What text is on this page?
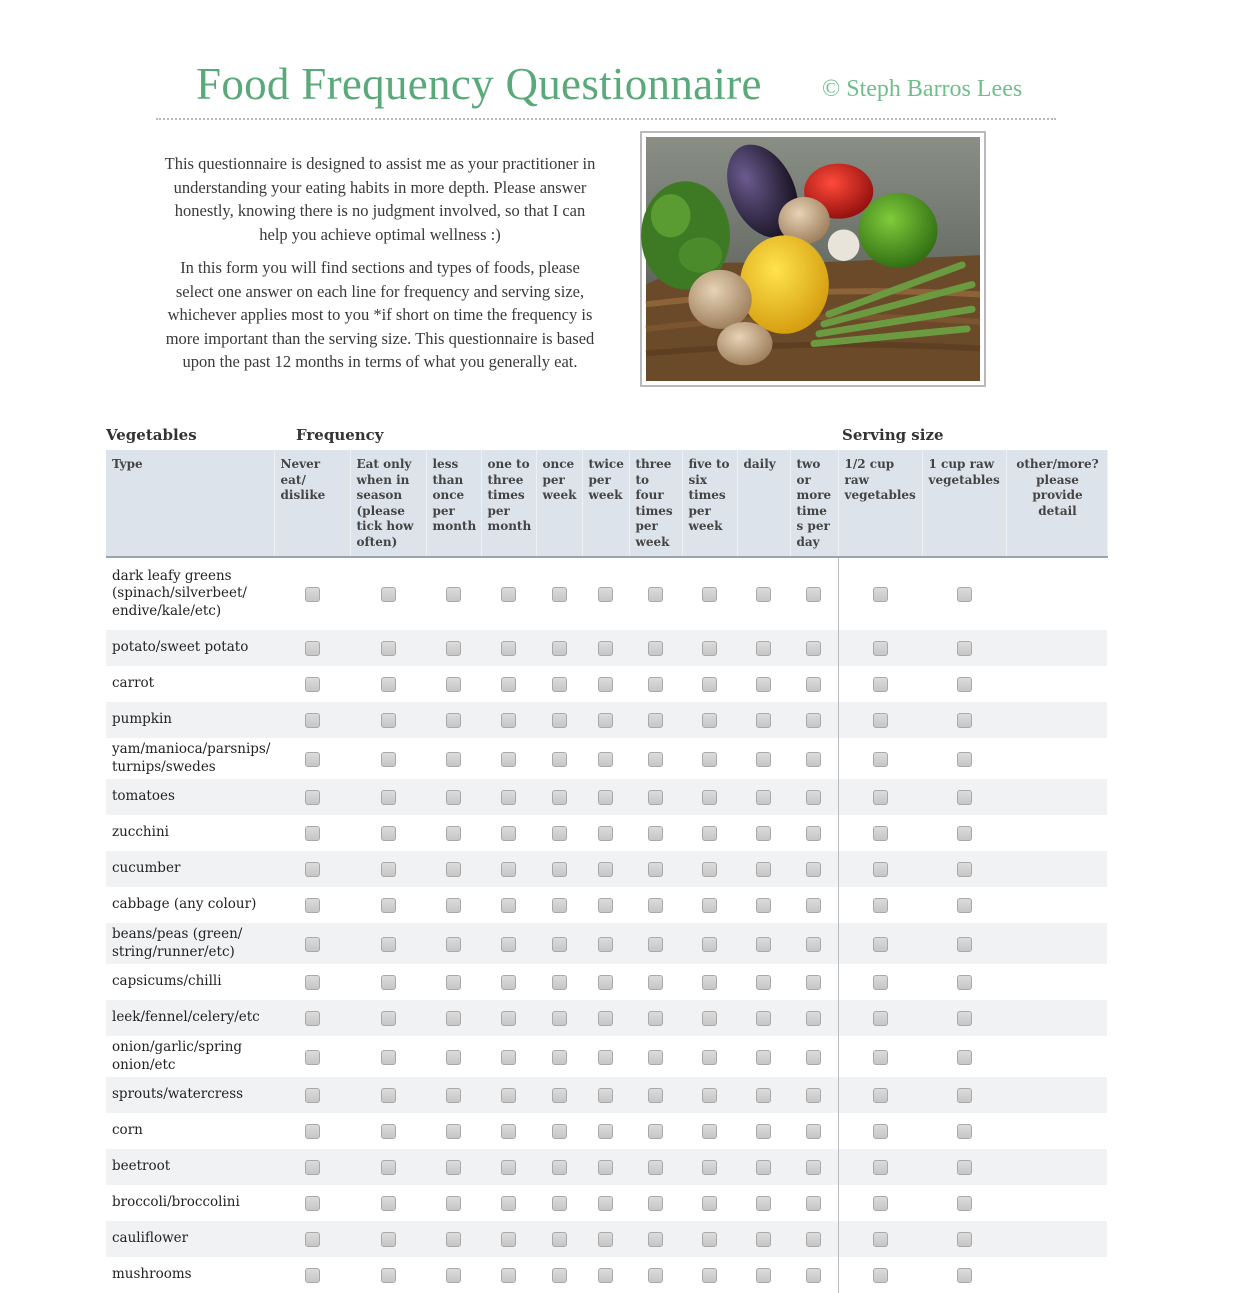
Food Frequency Questionnaire	© Steph Barros Lees

This questionnaire is designed to assist me as your practitioner in understanding your eating habits in more depth. Please answer honestly, knowing there is no judgment involved, so that I can help you achieve optimal wellness :)

In this form you will find sections and types of foods, please select one answer on each line for frequency and serving size, whichever applies most to you *if short on time the frequency is more important than the serving size. This questionnaire is based upon the past 12 months in terms of what you generally eat.

Vegetables	Frequency	Serving size
Type	Never eat/ dislike	Eat only when in season (please tick how often)	less than once per month	one to three times per month	once per week	twice per week	three to four times per week	five to six times per week	daily	two or more times per day	1/2 cup raw vegetables	1 cup raw vegetables	other/more? please provide detail
dark leafy greens (spinach/silverbeet/ endive/kale/etc)													
potato/sweet potato													
carrot													
pumpkin													
yam/manioca/parsnips/ turnips/swedes													
tomatoes													
zucchini													
cucumber													
cabbage (any colour)													
beans/peas (green/ string/runner/etc)													
capsicums/chilli													
leek/fennel/celery/etc													
onion/garlic/spring onion/etc													
sprouts/watercress													
corn													
beetroot													
broccoli/broccolini													
cauliflower													
mushrooms													
